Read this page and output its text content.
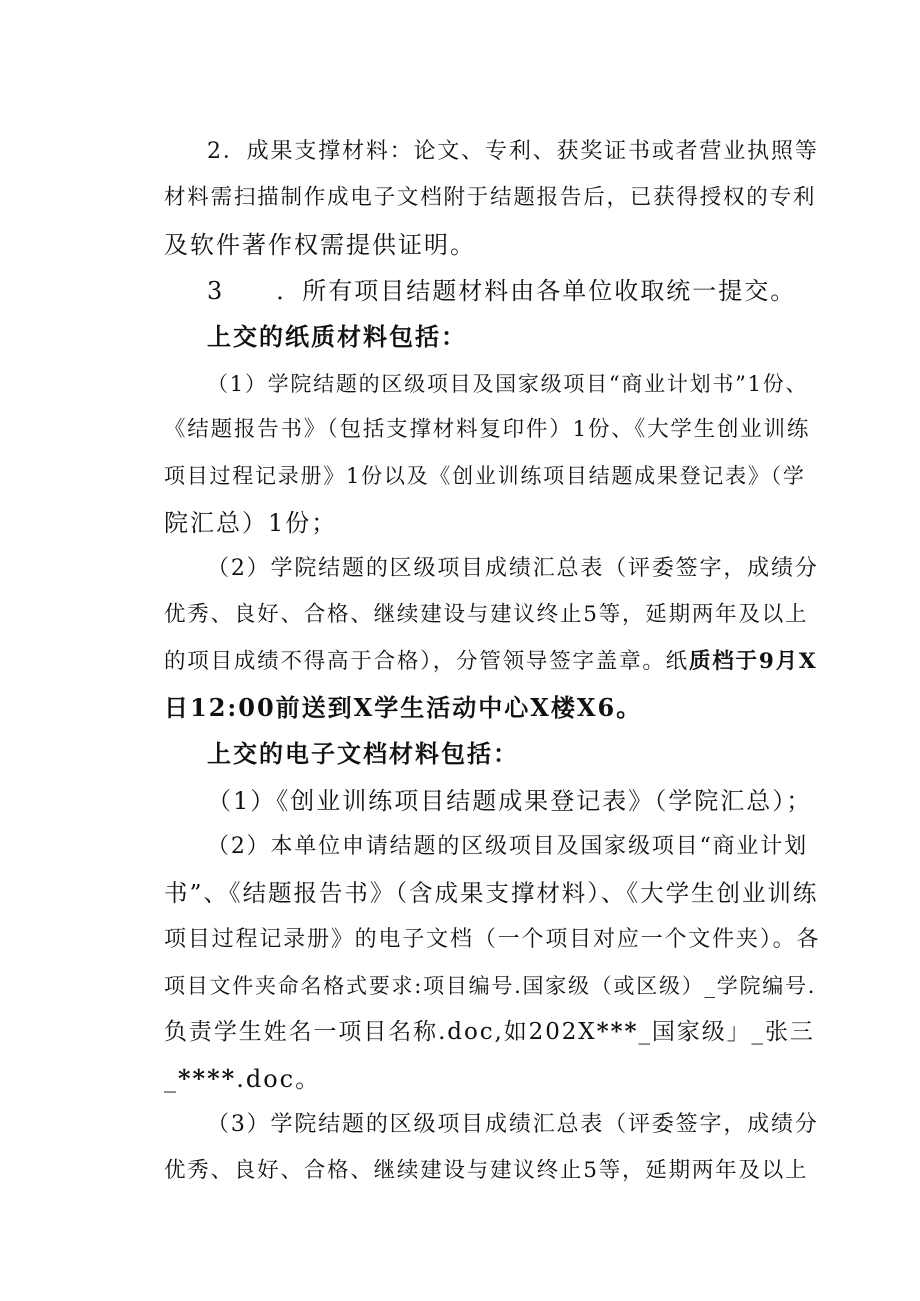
2．成果支撑材料：论文、专利、获奖证书或者营业执照等
材料需扫描制作成电子文档附于结题报告后，已获得授权的专利
及软件著作权需提供证明。
3　　．所有项目结题材料由各单位收取统一提交。
上交的纸质材料包括：
（1）学院结题的区级项目及国家级项目“商业计划书”1份、
《结题报告书》（包括支撑材料复印件）1份、《大学生创业训练
项目过程记录册》1份以及《创业训练项目结题成果登记表》（学
院汇总）1份；
（2）学院结题的区级项目成绩汇总表（评委签字，成绩分
优秀、良好、合格、继续建设与建议终止5等，延期两年及以上
的项目成绩不得高于合格），分管领导签字盖章。纸质档于9月X
日12:00前送到X学生活动中心X楼X6。
上交的电子文档材料包括：
（1）《创业训练项目结题成果登记表》（学院汇总）；
（2）本单位申请结题的区级项目及国家级项目“商业计划
书”、《结题报告书》（含成果支撑材料）、《大学生创业训练
项目过程记录册》的电子文档（一个项目对应一个文件夹）。各
项目文件夹命名格式要求:项目编号.国家级（或区级）_学院编号.
负责学生姓名一项目名称.doc,如202X***_国家级」_张三
_****.doc。
（3）学院结题的区级项目成绩汇总表（评委签字，成绩分
优秀、良好、合格、继续建设与建议终止5等，延期两年及以上
